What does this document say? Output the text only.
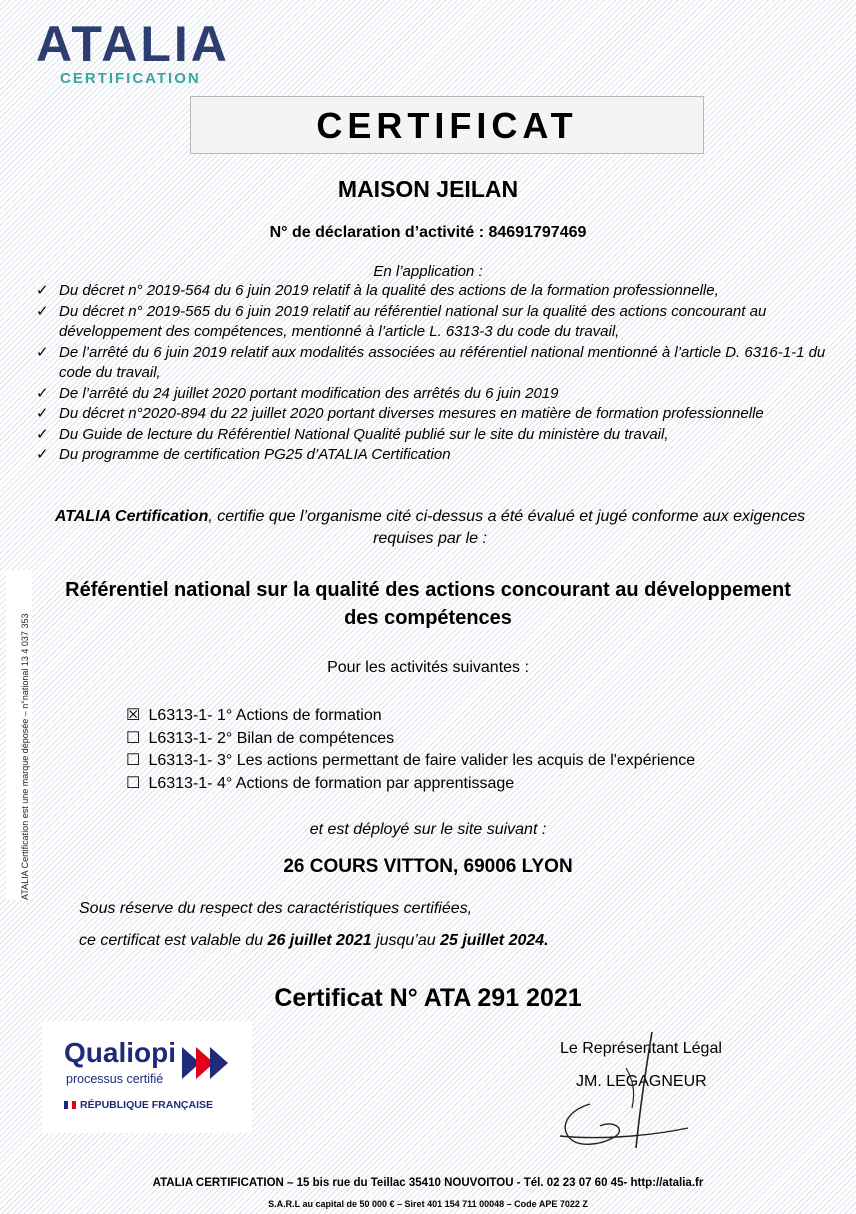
ATALIA
CERTIFICATION
CERTIFICAT
MAISON JEILAN
N° de déclaration d’activité : 84691797469
En l’application :
✓ Du décret n° 2019-564 du 6 juin 2019 relatif à la qualité des actions de la formation professionnelle,
✓ Du décret n° 2019-565 du 6 juin 2019 relatif au référentiel national sur la qualité des actions concourant au développement des compétences, mentionné à l’article L. 6313-3 du code du travail,
✓ De l’arrêté du 6 juin 2019 relatif aux modalités associées au référentiel national mentionné à l’article D. 6316-1-1 du code du travail,
✓ De l’arrêté du 24 juillet 2020 portant modification des arrêtés du 6 juin 2019
✓ Du décret n°2020-894 du 22 juillet 2020 portant diverses mesures en matière de formation professionnelle
✓ Du Guide de lecture du Référentiel National Qualité publié sur le site du ministère du travail,
✓ Du programme de certification PG25 d’ATALIA Certification
ATALIA Certification, certifie que l’organisme cité ci-dessus a été évalué et jugé conforme aux exigences requises par le :
Référentiel national sur la qualité des actions concourant au développement des compétences
Pour les activités suivantes :
☒ L6313-1- 1° Actions de formation
☐ L6313-1- 2° Bilan de compétences
☐ L6313-1- 3° Les actions permettant de faire valider les acquis de l'expérience
☐ L6313-1- 4° Actions de formation par apprentissage
et est déployé sur le site suivant :
26 COURS VITTON, 69006 LYON
Sous réserve du respect des caractéristiques certifiées,
ce certificat est valable du 26 juillet 2021 jusqu’au 25 juillet 2024.
Certificat N° ATA 291 2021
Qualiopi
processus certifié
RÉPUBLIQUE FRANÇAISE
Le Représentant Légal
JM. LEGAGNEUR
ATALIA Certification est une marque déposée – n°national 13 4 037 353
ATALIA CERTIFICATION – 15 bis rue du Teillac 35410 NOUVOITOU - Tél. 02 23 07 60 45- http://atalia.fr
S.A.R.L au capital de 50 000 € – Siret 401 154 711 00048 – Code APE 7022 Z
